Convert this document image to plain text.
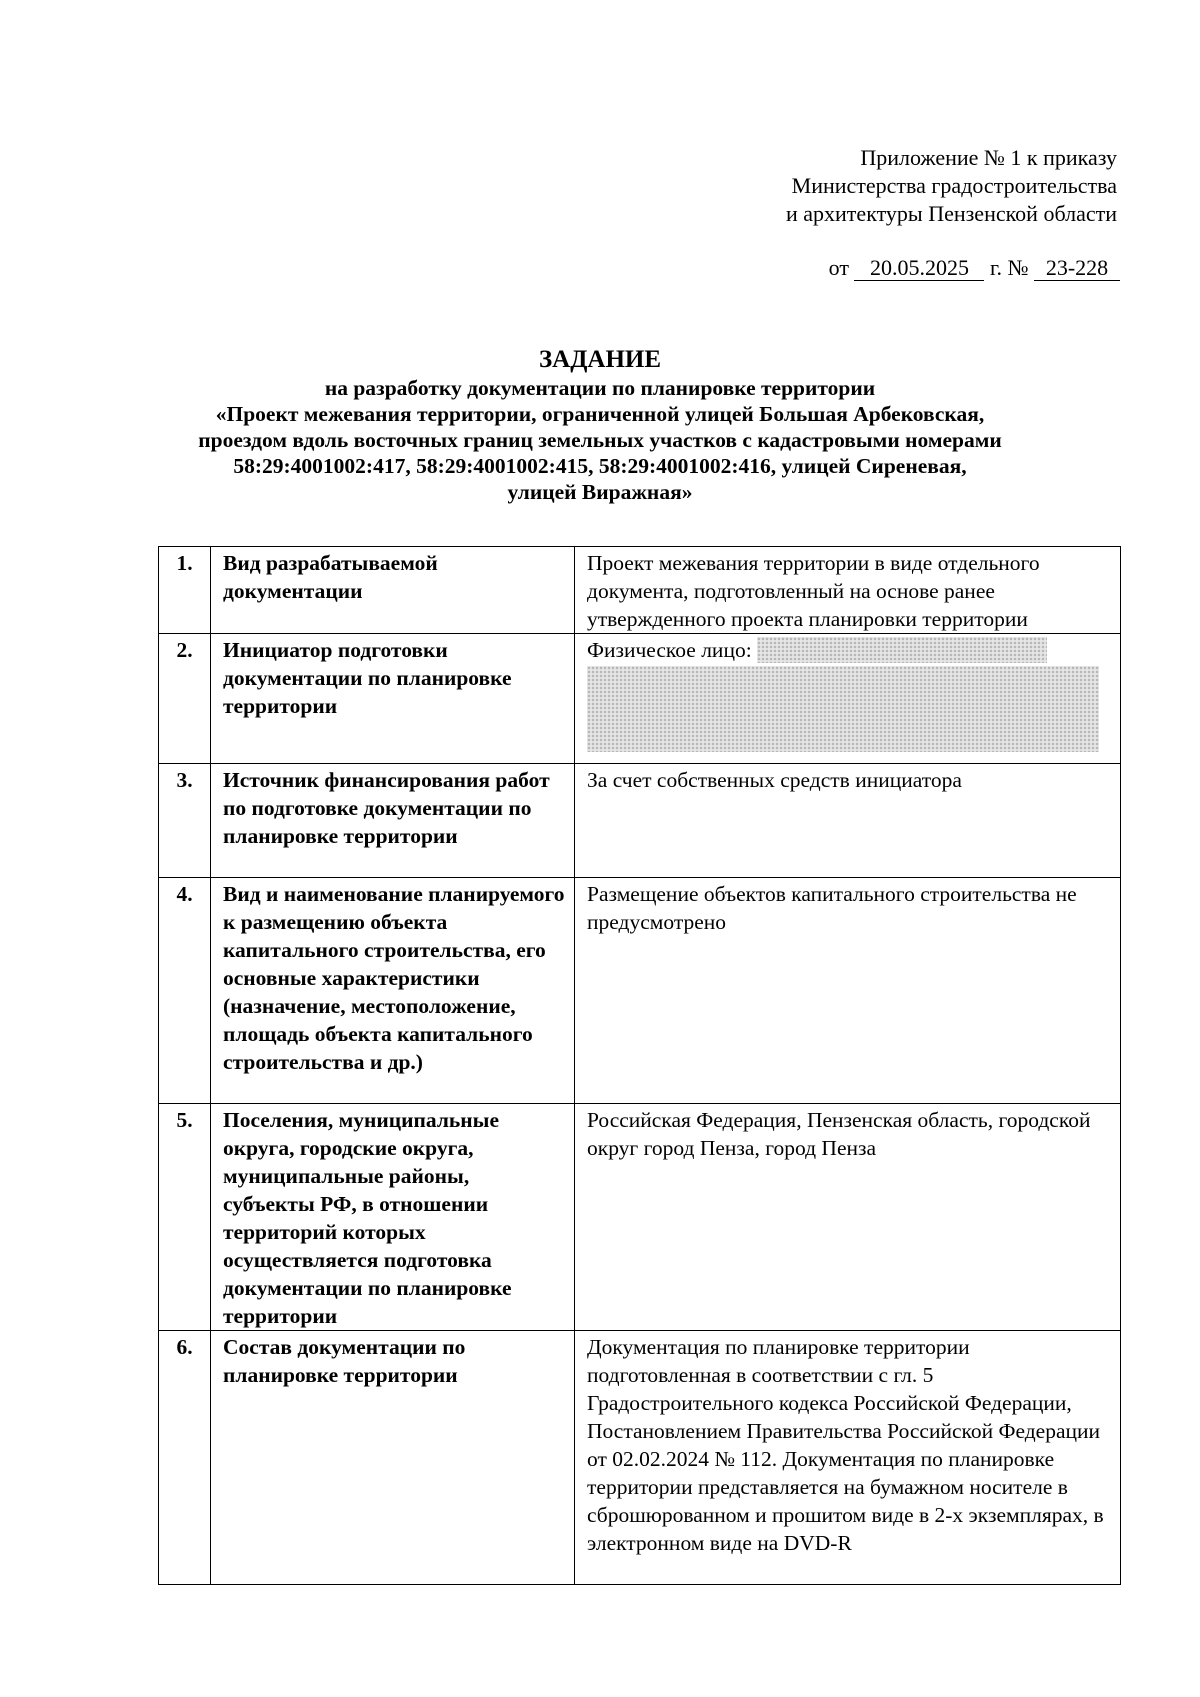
Приложение № 1 к приказу
Министерства градостроительства
и архитектуры Пензенской области
от 20.05.2025 г. № 23-228
ЗАДАНИЕ
на разработку документации по планировке территории
«Проект межевания территории, ограниченной улицей Большая Арбековская,
проездом вдоль восточных границ земельных участков с кадастровыми номерами
58:29:4001002:417, 58:29:4001002:415, 58:29:4001002:416, улицей Сиреневая,
улицей Виражная»
1.	Вид разрабатываемой документации	Проект межевания территории в виде отдельного документа, подготовленный на основе ранее утвержденного проекта планировки территории
2.	Инициатор подготовки документации по планировке территории	Физическое лицо:

3.	Источник финансирования работ по подготовке документации по планировке территории	За счет собственных средств инициатора
4.	Вид и наименование планируемого к размещению объекта капитального строительства, его основные характеристики (назначение, местоположение, площадь объекта капитального строительства и др.)	Размещение объектов капитального строительства не предусмотрено
5.	Поселения, муниципальные округа, городские округа, муниципальные районы, субъекты РФ, в отношении территорий которых осуществляется подготовка документации по планировке территории	Российская Федерация, Пензенская область, городской округ город Пенза, город Пенза
6.	Состав документации по планировке территории	Документация по планировке территории подготовленная в соответствии с гл. 5 Градостроительного кодекса Российской Федерации, Постановлением Правительства Российской Федерации от 02.02.2024 № 112. Документация по планировке территории представляется на бумажном носителе в сброшюрованном и прошитом виде в 2-х экземплярах, в электронном виде на DVD-R
